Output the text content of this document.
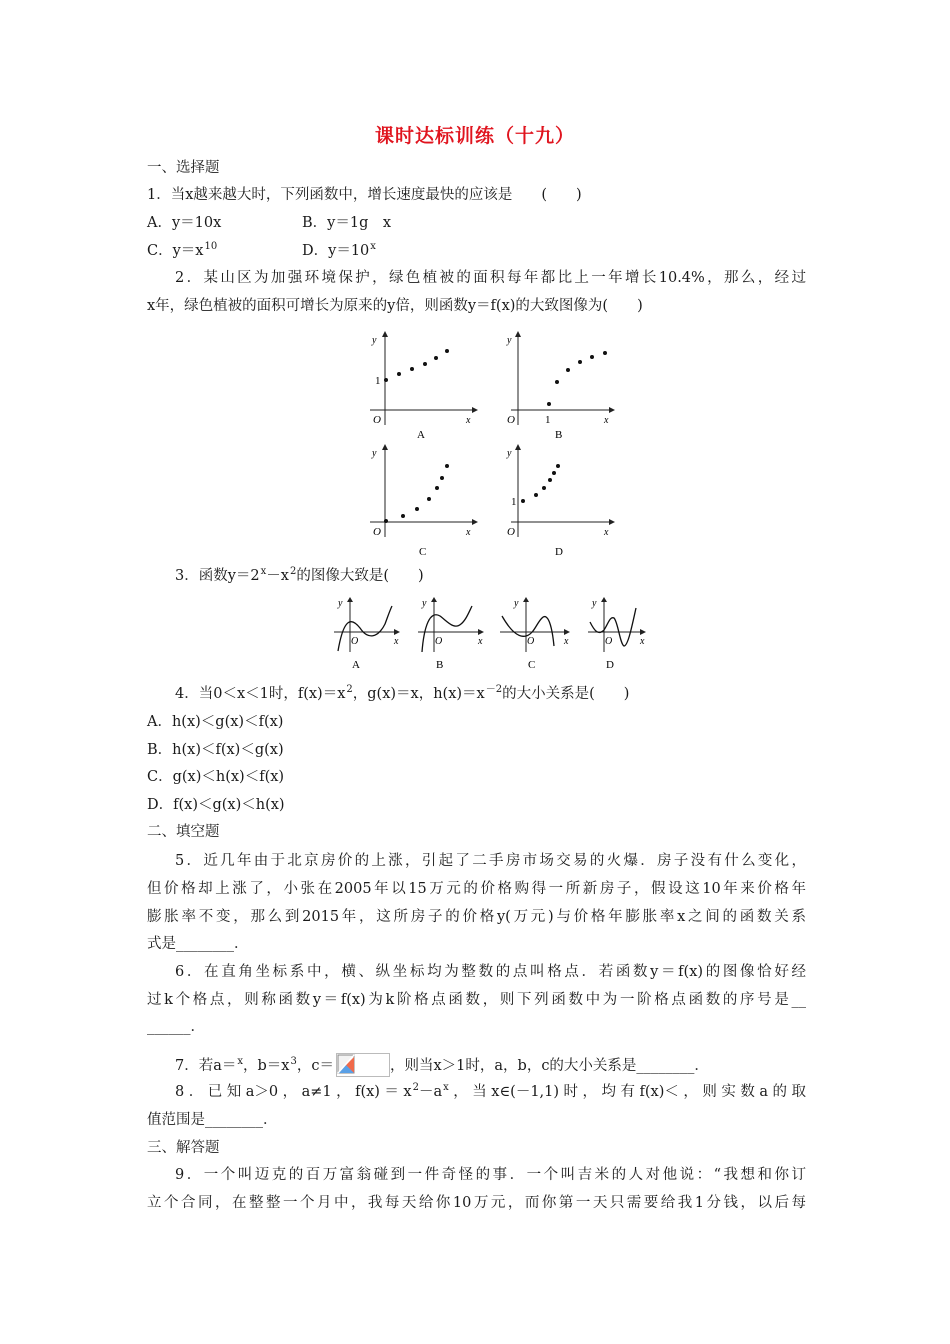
课时达标训练（十九）
一、选择题
1．当x越来越大时，下列函数中，增长速度最快的应该是　　(　　)
A．y＝10x	B．y＝1g　x
C．$y=x^{10}$	D．$y=10^x$
2．某山区为加强环境保护，绿色植被的面积每年都比上一年增长10.4%，那么，经过
x年，绿色植被的面积可增长为原来的y倍，则函数y＝f(x)的大致图像为(　　)
y
x
O
1
A
y
x
O	1
B
y
x
O
C
y
x
O
1
D
3．函数$y=2^x-x^2$的图像大致是(　　)
y
x
O
A
y
x
O
B
y
x
O
C
y
x
O
D
4．当0＜x＜1时，$f(x)=x^2$，g(x)＝x，$h(x)=x^{-2}$的大小关系是(　　)
A．h(x)＜g(x)＜f(x)
B．h(x)＜f(x)＜g(x)
C．g(x)＜h(x)＜f(x)
D．f(x)＜g(x)＜h(x)
二、填空题
5．近几年由于北京房价的上涨，引起了二手房市场交易的火爆．房子没有什么变化，
但价格却上涨了，小张在2005年以15万元的价格购得一所新房子，假设这10年来价格年
膨胀率不变，那么到2015年，这所房子的价格y(万元)与价格年膨胀率x之间的函数关系
式是________．
6．在直角坐标系中，横、纵坐标均为整数的点叫格点．若函数y＝f(x)的图像恰好经
过k个格点，则称函数y＝f(x)为k阶格点函数，则下列函数中为一阶格点函数的序号是__
______．
7．若a＝$^x$，$b=x^3$，c＝	，则当x＞1时，a，b，c的大小关系是________．
8．已知a＞0，a≠1，$f(x)=x^2-a^x$，当x∈(－1,1)时，均有f(x)＜，则实数a的取
值范围是________．
三、解答题
9．一个叫迈克的百万富翁碰到一件奇怪的事．一个叫吉米的人对他说：“我想和你订
立个合同，在整整一个月中，我每天给你10万元，而你第一天只需要给我1分钱，以后每
